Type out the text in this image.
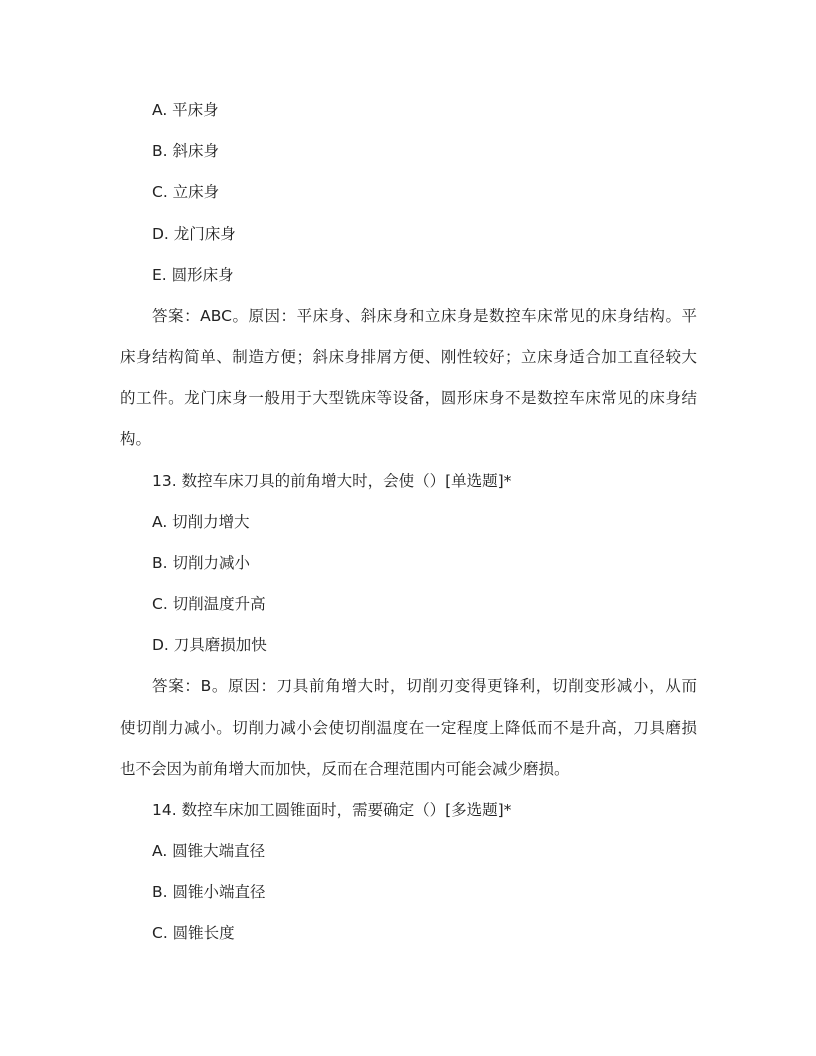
A. 平床身
B. 斜床身
C. 立床身
D. 龙门床身
E. 圆形床身
答案：ABC。原因：平床身、斜床身和立床身是数控车床常见的床身结构。平
床身结构简单、制造方便；斜床身排屑方便、刚性较好；立床身适合加工直径较大
的工件。龙门床身一般用于大型铣床等设备，圆形床身不是数控车床常见的床身结
构。
13. 数控车床刀具的前角增大时，会使（）[单选题]*
A. 切削力增大
B. 切削力减小
C. 切削温度升高
D. 刀具磨损加快
答案：B。原因：刀具前角增大时，切削刃变得更锋利，切削变形减小，从而
使切削力减小。切削力减小会使切削温度在一定程度上降低而不是升高，刀具磨损
也不会因为前角增大而加快，反而在合理范围内可能会减少磨损。
14. 数控车床加工圆锥面时，需要确定（）[多选题]*
A. 圆锥大端直径
B. 圆锥小端直径
C. 圆锥长度
